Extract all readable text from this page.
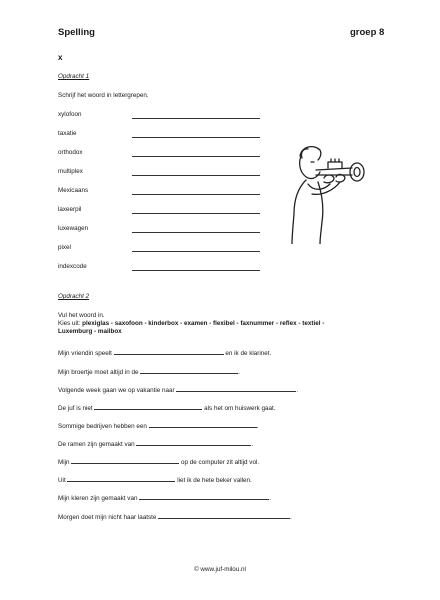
Spelling	groep 8
x
Opdracht 1
Schrijf het woord in lettergrepen.
xylofoon
taxatie
orthodox
multiplex
Mexicaans
laxeerpil
luxewagen
pixel
indexcode
Opdracht 2
Vul het woord in.
Kies uit: plexiglas - saxofoon - kinderbox - examen - flexibel - faxnummer - reflex - textiel -
Luxemburg - mailbox
Mijn vriendin speelt	en ik de klarinet.
Mijn broertje moet altijd in de	.
Volgende week gaan we op vakantie naar	.
De juf is niet	als het om huiswerk gaat.
Sommige bedrijven hebben een	.
De ramen zijn gemaakt van	.
Mijn	op de computer zit altijd vol.
Uit	liet ik de hete beker vallen.
Mijn kleren zijn gemaakt van	.
Morgen doet mijn nicht haar laatste	.
© www.juf-milou.nl
